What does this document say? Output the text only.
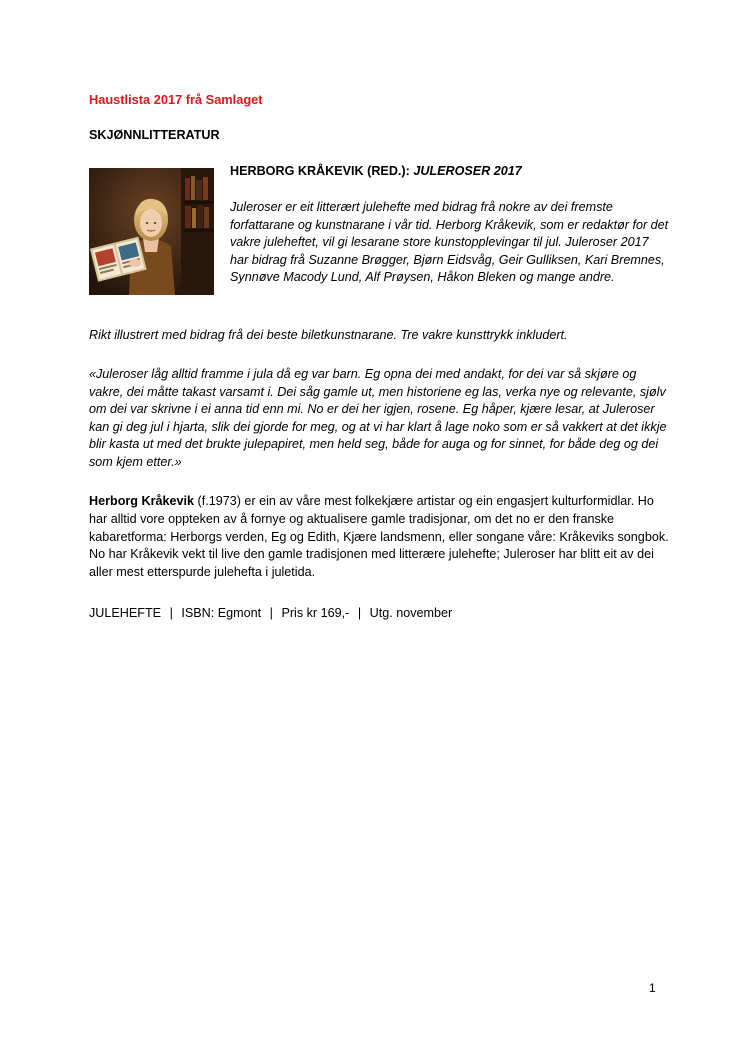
Haustlista 2017 frå Samlaget
SKJØNNLITTERATUR
HERBORG KRÅKEVIK (RED.): JULEROSER 2017

Juleroser er eit litterært julehefte med bidrag frå nokre av dei fremste forfattarane og kunstnarane i vår tid. Herborg Kråkevik, som er redaktør for det vakre juleheftet, vil gi lesarane store kunstopplevingar til jul. Juleroser 2017 har bidrag frå Suzanne Brøgger, Bjørn Eidsvåg, Geir Gulliksen, Kari Bremnes, Synnøve Macody Lund, Alf Prøysen, Håkon Bleken og mange andre.

Rikt illustrert med bidrag frå dei beste biletkunstnarane. Tre vakre kunsttrykk inkludert.

«Juleroser låg alltid framme i jula då eg var barn. Eg opna dei med andakt, for dei var så skjøre og vakre, dei måtte takast varsamt i. Dei såg gamle ut, men historiene eg las, verka nye og relevante, sjølv om dei var skrivne i ei anna tid enn mi. No er dei her igjen, rosene. Eg håper, kjære lesar, at Juleroser kan gi deg jul i hjarta, slik dei gjorde for meg, og at vi har klart å lage noko som er så vakkert at det ikkje blir kasta ut med det brukte julepapiret, men held seg, både for auga og for sinnet, for både deg og dei som kjem etter.»

Herborg Kråkevik (f.1973) er ein av våre mest folkekjære artistar og ein engasjert kulturformidlar. Ho har alltid vore oppteken av å fornye og aktualisere gamle tradisjonar, om det no er den franske kabaretforma: Herborgs verden, Eg og Edith, Kjære landsmenn, eller songane våre: Kråkeviks songbok. No har Kråkevik vekt til live den gamle tradisjonen med litterære julehefte; Juleroser har blitt eit av dei aller mest etterspurde juleheftа i juletida.

JULEHEFTE | ISBN: Egmont | Pris kr 169,- | Utg. november

1
